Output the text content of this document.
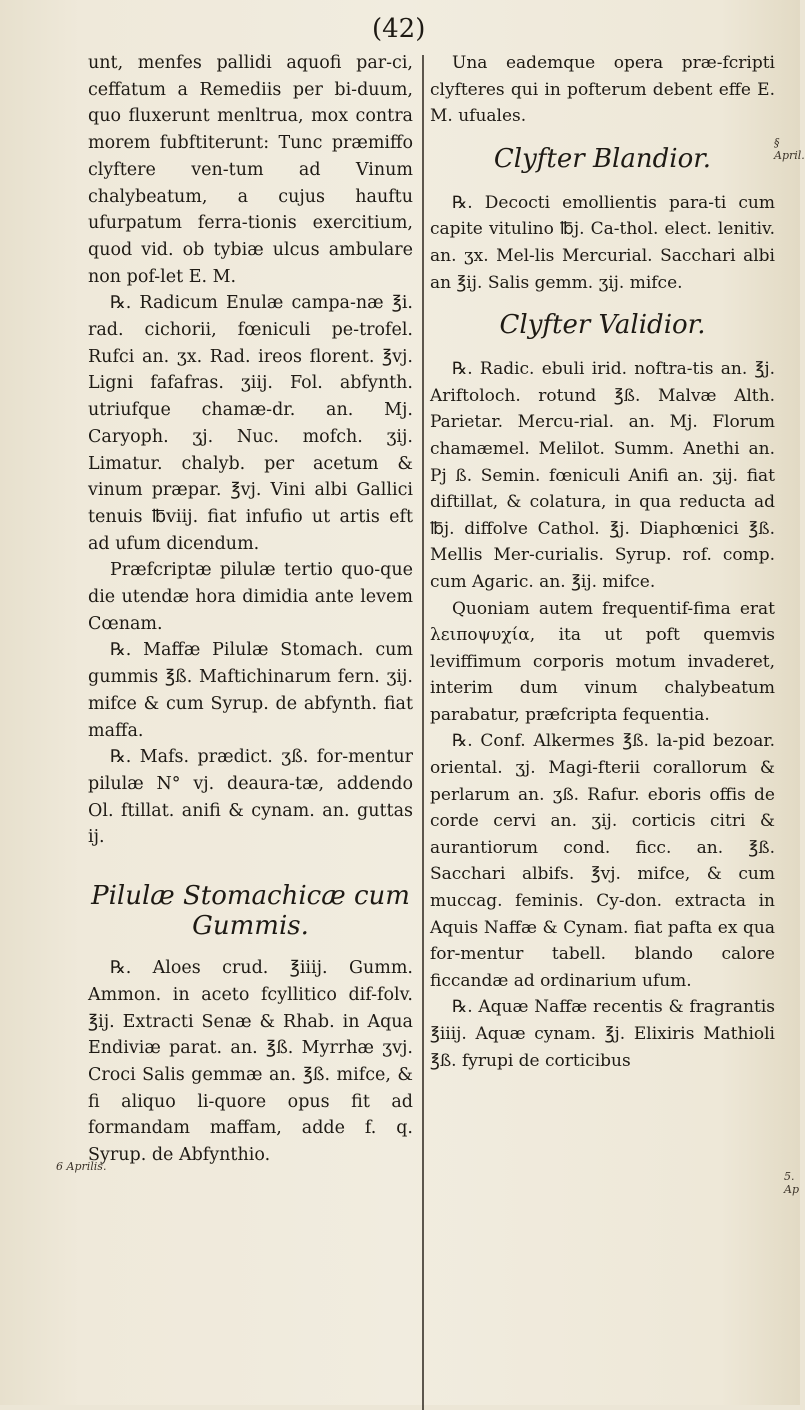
(42)

unt, menfes pallidi aquofi par-ci, ceffatum a Remediis per bi-duum, quo fluxerunt menltrua, mox contra morem fubftiterunt: Tunc præmiffo clyftere ven-tum ad Vinum chalybeatum, a cujus hauftu ufurpatum ferra-tionis exercitium, quod vid. ob tybiæ ulcus ambulare non pof-let E. M.

℞. Radicum Enulæ campa-næ ℥i. rad. cichorii, fœniculi pe-trofel. Rufci an. ʒx. Rad. ireos florent. ℥vj. Ligni fafafras. ʒiij. Fol. abfynth. utriufque chamæ-dr. an. Mj. Caryoph. ʒj. Nuc. mofch. ʒij. Limatur. chalyb. per acetum & vinum præpar. ℥vj. Vini albi Gallici tenuis ℔viij. fiat infufio ut artis eft ad ufum dicendum.

Præfcriptæ pilulæ tertio quo-que die utendæ hora dimidia ante levem Cœnam.

℞. Maffæ Pilulæ Stomach. cum gummis ℥ß. Maftichinarum fern. ʒij. mifce & cum Syrup. de abfynth. fiat maffa.

℞. Mafs. prædict. ʒß. for-mentur pilulæ N° vj. deaura-tæ, addendo Ol. ftillat. anifi & cynam. an. guttas ij.

Pilulæ Stomachicæ cum Gummis.

℞. Aloes crud. ℥iiij. Gumm. Ammon. in aceto fcyllitico dif-folv. ℥ij. Extracti Senæ & Rhab. in Aqua Endiviæ parat. an. ℥ß. Myrrhæ ʒvj. Croci Salis gemmæ an. ℥ß. mifce, & fi aliquo li-quore opus fit ad formandam maffam, adde f. q. Syrup. de Abfynthio.

Una eademque opera præ-fcripti clyfteres qui in pofterum debent effe E. M. ufuales.

Clyfter Blandior.

℞. Decocti emollientis para-ti cum capite vitulino ℔j. Ca-thol. elect. lenitiv. an. ʒx. Mel-lis Mercurial. Sacchari albi an ℥ij. Salis gemm. ʒij. mifce.

Clyfter Validior.

℞. Radic. ebuli irid. noftra-tis an. ℥j. Ariftoloch. rotund ℥ß. Malvæ Alth. Parietar. Mercu-rial. an. Mj. Florum chamæmel. Melilot. Summ. Anethi an. Pj ß. Semin. fœniculi Anifi an. ʒij. fiat diftillat, & colatura, in qua reducta ad ℔j. diffolve Cathol. ℥j. Diaphœnici ℥ß. Mellis Mer-curialis. Syrup. rof. comp. cum Agaric. an. ℥ij. mifce.

Quoniam autem frequentif-fima erat λειποψυχία, ita ut poft quemvis leviffimum corporis motum invaderet, interim dum vinum chalybeatum parabatur, præfcripta fequentia.

℞. Conf. Alkermes ℥ß. la-pid bezoar. oriental. ʒj. Magi-fterii corallorum & perlarum an. ʒß. Rafur. eboris offis de corde cervi an. ʒij. corticis citri & aurantiorum cond. ficc. an. ℥ß. Sacchari albifs. ℥vj. mifce, & cum muccag. feminis. Cy-don. extracta in Aquis Naffæ & Cynam. fiat pafta ex qua for-mentur tabell. blando calore ficcandæ ad ordinarium ufum.

℞. Aquæ Naffæ recentis & fragrantis ℥iiij. Aquæ cynam. ℥j. Elixiris Mathioli ℥ß. fyrupi de corticibus

§ April.
6 Aprilis.
5. Ap
